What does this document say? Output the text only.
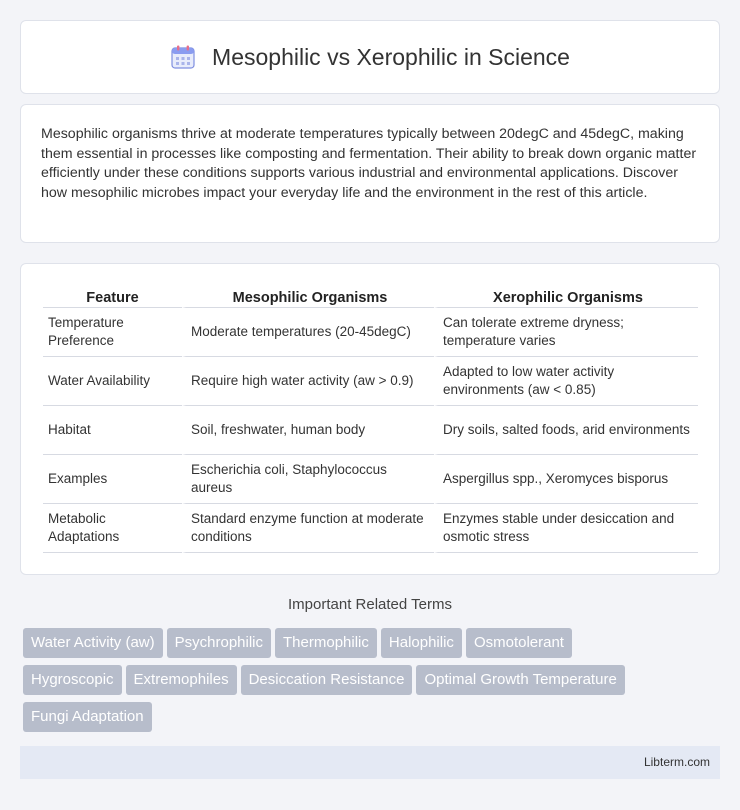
Mesophilic vs Xerophilic in Science

Mesophilic organisms thrive at moderate temperatures typically between 20degC and 45degC, making them essential in processes like composting and fermentation. Their ability to break down organic matter efficiently under these conditions supports various industrial and environmental applications. Discover how mesophilic microbes impact your everyday life and the environment in the rest of this article.

Feature	Mesophilic Organisms	Xerophilic Organisms
Temperature Preference	Moderate temperatures (20-45degC)	Can tolerate extreme dryness; temperature varies
Water Availability	Require high water activity (aw > 0.9)	Adapted to low water activity environments (aw < 0.85)
Habitat	Soil, freshwater, human body	Dry soils, salted foods, arid environments
Examples	Escherichia coli, Staphylococcus aureus	Aspergillus spp., Xeromyces bisporus
Metabolic Adaptations	Standard enzyme function at moderate conditions	Enzymes stable under desiccation and osmotic stress
Important Related Terms
Water Activity (aw) Psychrophilic Thermophilic Halophilic Osmotolerant
Hygroscopic Extremophiles Desiccation Resistance Optimal Growth Temperature
Fungi Adaptation
Libterm.com
